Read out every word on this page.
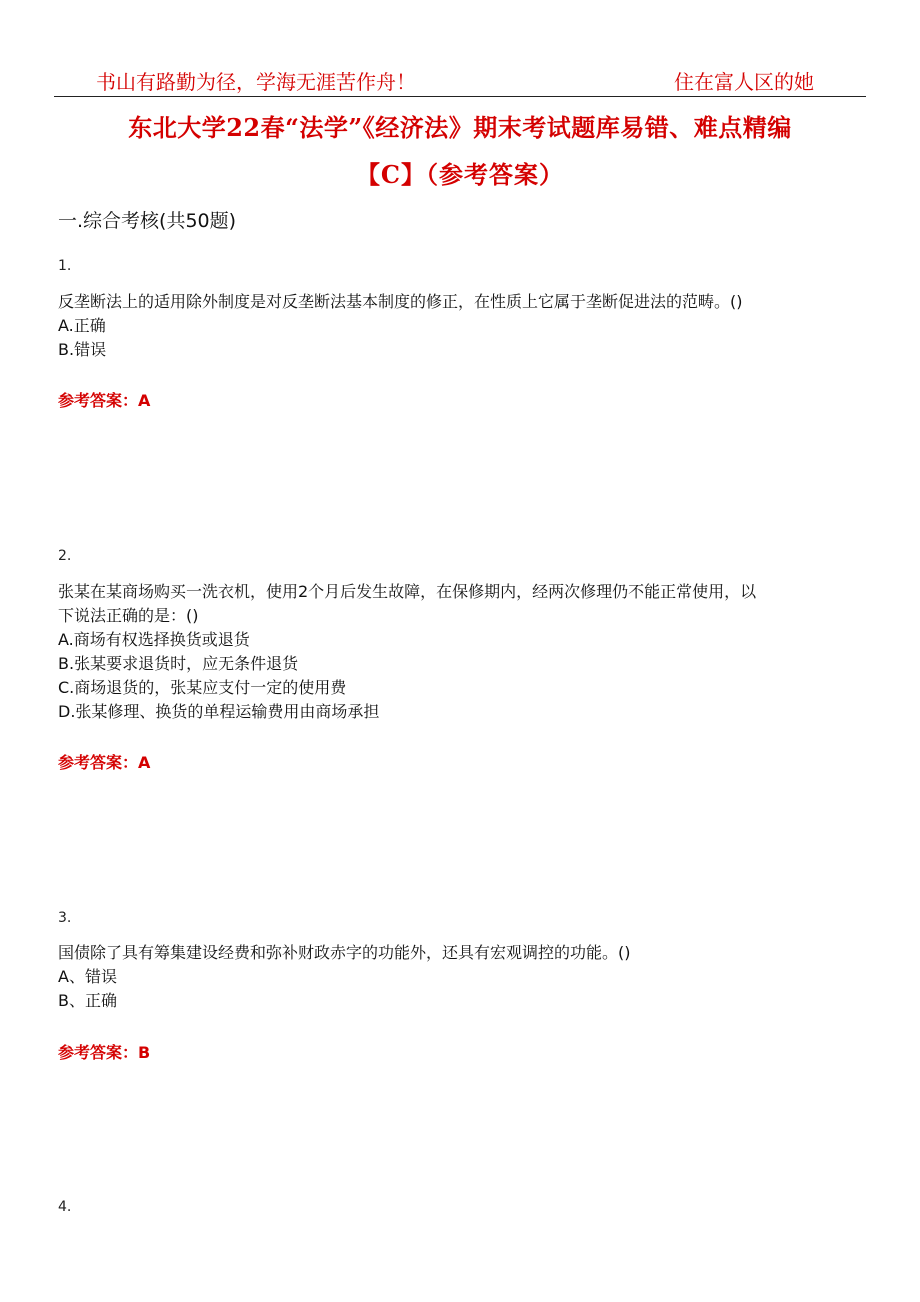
书山有路勤为径，学海无涯苦作舟！	住在富人区的她
东北大学22春“法学”《经济法》期末考试题库易错、难点精编
【C】（参考答案）
一.综合考核(共50题)
1.
反垄断法上的适用除外制度是对反垄断法基本制度的修正，在性质上它属于垄断促进法的范畴。()
A.正确
B.错误
参考答案：A
2.
张某在某商场购买一洗衣机，使用2个月后发生故障，在保修期内，经两次修理仍不能正常使用，以
下说法正确的是：()
A.商场有权选择换货或退货
B.张某要求退货时，应无条件退货
C.商场退货的，张某应支付一定的使用费
D.张某修理、换货的单程运输费用由商场承担
参考答案：A
3.
国债除了具有筹集建设经费和弥补财政赤字的功能外，还具有宏观调控的功能。()
A、错误
B、正确
参考答案：B
4.
